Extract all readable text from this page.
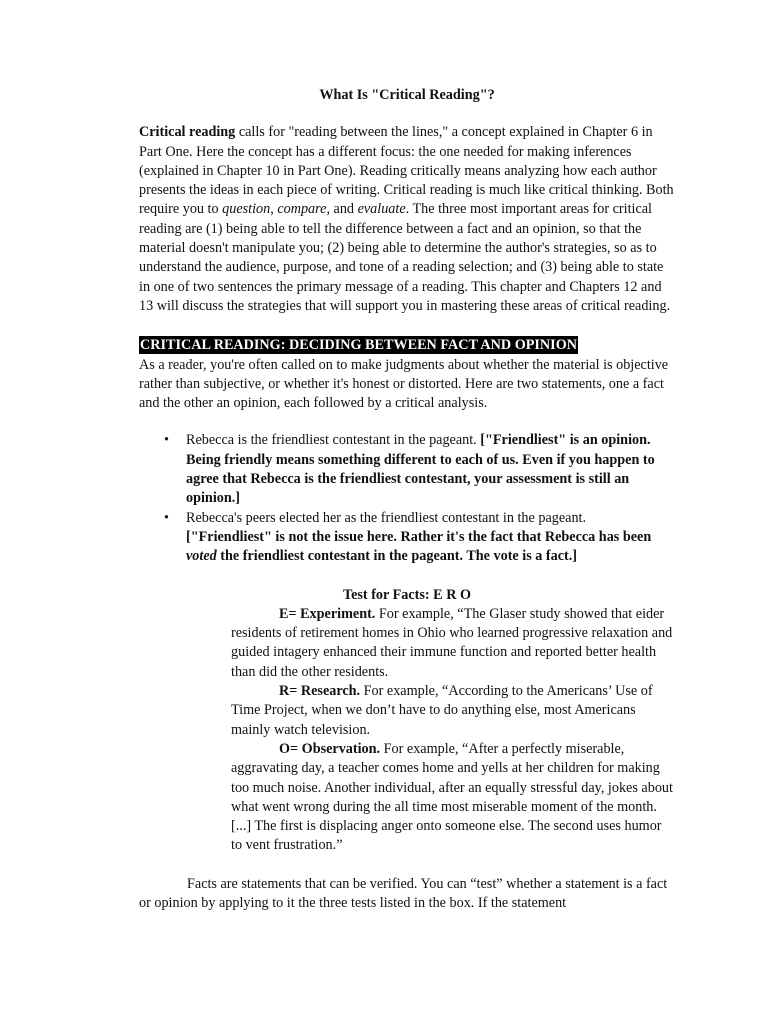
What Is "Critical Reading"?

Critical reading calls for "reading between the lines," a concept explained in Chapter 6 in Part One. Here the concept has a different focus: the one needed for making inferences (explained in Chapter 10 in Part One). Reading critically means analyzing how each author presents the ideas in each piece of writing. Critical reading is much like critical thinking. Both require you to question, compare, and evaluate. The three most important areas for critical reading are (1) being able to tell the difference between a fact and an opinion, so that the material doesn't manipulate you; (2) being able to determine the author's strategies, so as to understand the audience, purpose, and tone of a reading selection; and (3) being able to state in one of two sentences the primary message of a reading. This chapter and Chapters 12 and 13 will discuss the strategies that will support you in mastering these areas of critical reading.

CRITICAL READING: DECIDING BETWEEN FACT AND OPINION

As a reader, you're often called on to make judgments about whether the material is objective rather than subjective, or whether it's honest or distorted. Here are two statements, one a fact and the other an opinion, each followed by a critical analysis.

• Rebecca is the friendliest contestant in the pageant. ["Friendliest" is an opinion. Being friendly means something different to each of us. Even if you happen to agree that Rebecca is the friendliest contestant, your assessment is still an opinion.]
• Rebecca's peers elected her as the friendliest contestant in the pageant. ["Friendliest" is not the issue here. Rather it's the fact that Rebecca has been voted the friendliest contestant in the pageant. The vote is a fact.]

Test for Facts: E R O

E= Experiment. For example, “The Glaser study showed that eider residents of retirement homes in Ohio who learned progressive relaxation and guided intagery enhanced their immune function and reported better health than did the other residents.

R= Research. For example, “According to the Americans’ Use of Time Project, when we don’t have to do anything else, most Americans mainly watch television.

O= Observation. For example, “After a perfectly miserable, aggravating day, a teacher comes home and yells at her children for making too much noise. Another individual, after an equally stressful day, jokes about what went wrong during the all time most miserable moment of the month. [...] The first is displacing anger onto someone else. The second uses humor to vent frustration.”

Facts are statements that can be verified. You can “test” whether a statement is a fact or opinion by applying to it the three tests listed in the box. If the statement
